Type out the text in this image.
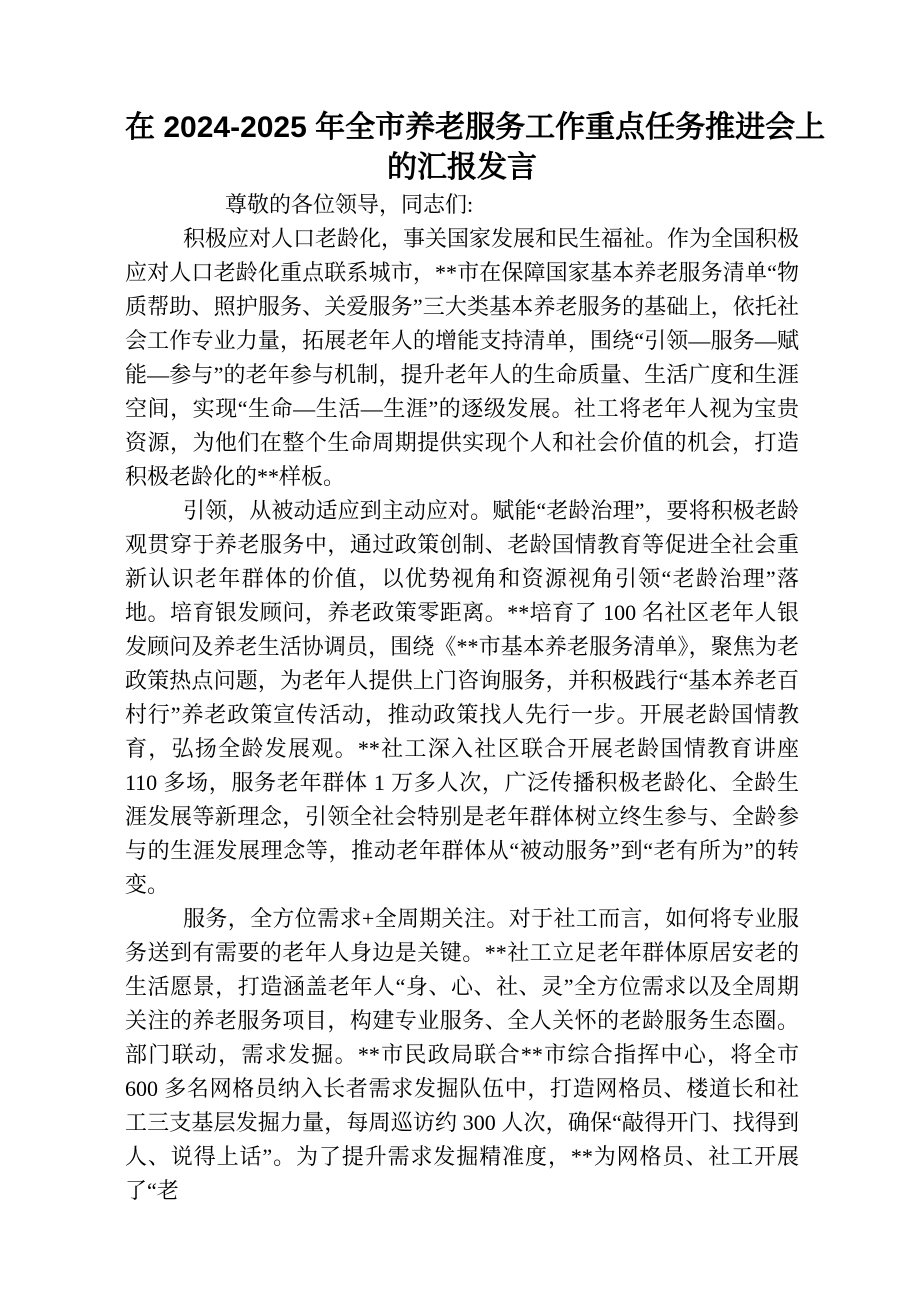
在 2024-2025 年全市养老服务工作重点任务推进会上
的汇报发言

尊敬的各位领导，同志们:

积极应对人口老龄化，事关国家发展和民生福祉。作为全国积极应对人口老龄化重点联系城市，**市在保障国家基本养老服务清单“物质帮助、照护服务、关爱服务”三大类基本养老服务的基础上，依托社会工作专业力量，拓展老年人的增能支持清单，围绕“引领—服务—赋能—参与”的老年参与机制，提升老年人的生命质量、生活广度和生涯空间，实现“生命—生活—生涯”的逐级发展。社工将老年人视为宝贵资源，为他们在整个生命周期提供实现个人和社会价值的机会，打造积极老龄化的**样板。

引领，从被动适应到主动应对。赋能“老龄治理”，要将积极老龄观贯穿于养老服务中，通过政策创制、老龄国情教育等促进全社会重新认识老年群体的价值，以优势视角和资源视角引领“老龄治理”落地。培育银发顾问，养老政策零距离。**培育了 100 名社区老年人银发顾问及养老生活协调员，围绕《**市基本养老服务清单》，聚焦为老政策热点问题，为老年人提供上门咨询服务，并积极践行“基本养老百村行”养老政策宣传活动，推动政策找人先行一步。开展老龄国情教育，弘扬全龄发展观。**社工深入社区联合开展老龄国情教育讲座 110 多场，服务老年群体 1 万多人次，广泛传播积极老龄化、全龄生涯发展等新理念，引领全社会特别是老年群体树立终生参与、全龄参与的生涯发展理念等，推动老年群体从“被动服务”到“老有所为”的转变。

服务，全方位需求+全周期关注。对于社工而言，如何将专业服务送到有需要的老年人身边是关键。**社工立足老年群体原居安老的生活愿景，打造涵盖老年人“身、心、社、灵”全方位需求以及全周期关注的养老服务项目，构建专业服务、全人关怀的老龄服务生态圈。部门联动，需求发掘。**市民政局联合**市综合指挥中心，将全市 600 多名网格员纳入长者需求发掘队伍中，打造网格员、楼道长和社工三支基层发掘力量，每周巡访约 300 人次，确保“敲得开门、找得到人、说得上话”。为了提升需求发掘精准度，**为网格员、社工开展了“老
